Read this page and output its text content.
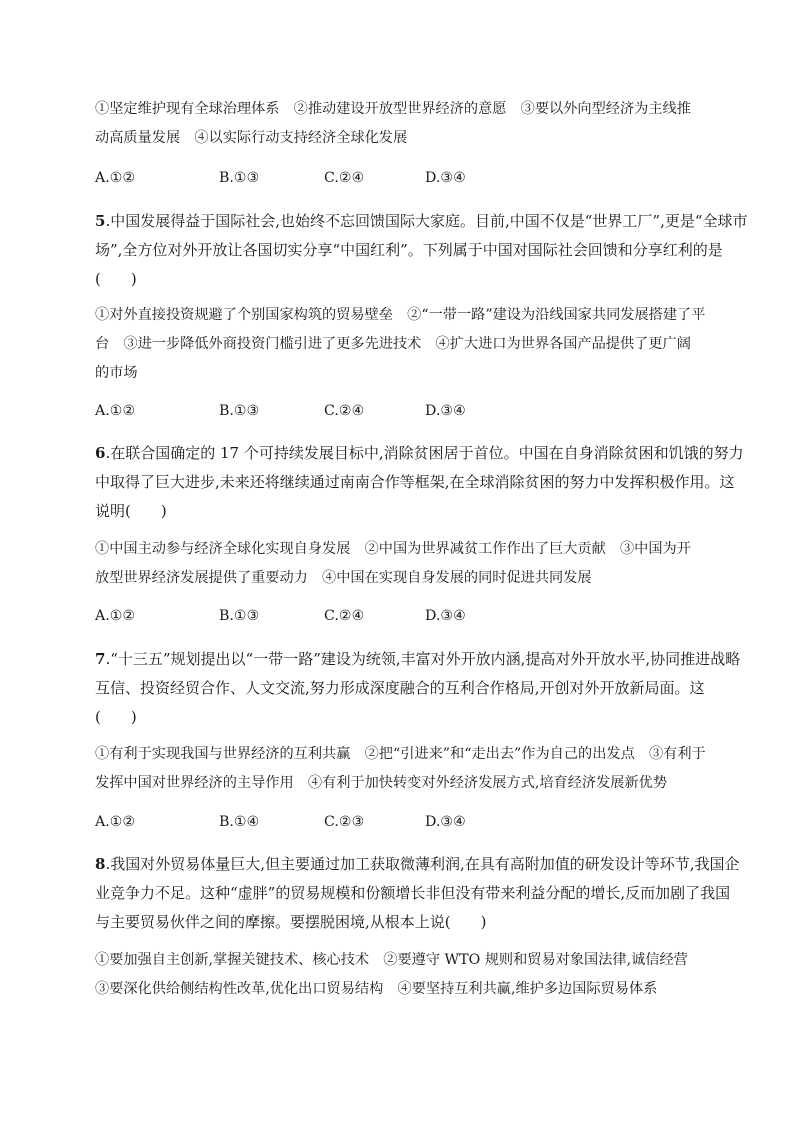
①坚定维护现有全球治理体系　②推动建设开放型世界经济的意愿　③要以外向型经济为主线推
动高质量发展　④以实际行动支持经济全球化发展
A.①②	B.①③	C.②④	D.③④
5.中国发展得益于国际社会,也始终不忘回馈国际大家庭。目前,中国不仅是“世界工厂”,更是“全球市
场”,全方位对外开放让各国切实分享“中国红利”。下列属于中国对国际社会回馈和分享红利的是
(　　)
①对外直接投资规避了个别国家构筑的贸易壁垒　②“一带一路”建设为沿线国家共同发展搭建了平
台　③进一步降低外商投资门槛引进了更多先进技术　④扩大进口为世界各国产品提供了更广阔
的市场
A.①②	B.①③	C.②④	D.③④
6.在联合国确定的 17 个可持续发展目标中,消除贫困居于首位。中国在自身消除贫困和饥饿的努力
中取得了巨大进步,未来还将继续通过南南合作等框架,在全球消除贫困的努力中发挥积极作用。这
说明(　　)
①中国主动参与经济全球化实现自身发展　②中国为世界减贫工作作出了巨大贡献　③中国为开
放型世界经济发展提供了重要动力　④中国在实现自身发展的同时促进共同发展
A.①②	B.①③	C.②④	D.③④
7.“十三五”规划提出以“一带一路”建设为统领,丰富对外开放内涵,提高对外开放水平,协同推进战略
互信、投资经贸合作、人文交流,努力形成深度融合的互利合作格局,开创对外开放新局面。这
(　　)
①有利于实现我国与世界经济的互利共赢　②把“引进来”和“走出去”作为自己的出发点　③有利于
发挥中国对世界经济的主导作用　④有利于加快转变对外经济发展方式,培育经济发展新优势
A.①②	B.①④	C.②③	D.③④
8.我国对外贸易体量巨大,但主要通过加工获取微薄利润,在具有高附加值的研发设计等环节,我国企
业竞争力不足。这种“虚胖”的贸易规模和份额增长非但没有带来利益分配的增长,反而加剧了我国
与主要贸易伙伴之间的摩擦。要摆脱困境,从根本上说(　　)
①要加强自主创新,掌握关键技术、核心技术　②要遵守 WTO 规则和贸易对象国法律,诚信经营
③要深化供给侧结构性改革,优化出口贸易结构　④要坚持互利共赢,维护多边国际贸易体系
